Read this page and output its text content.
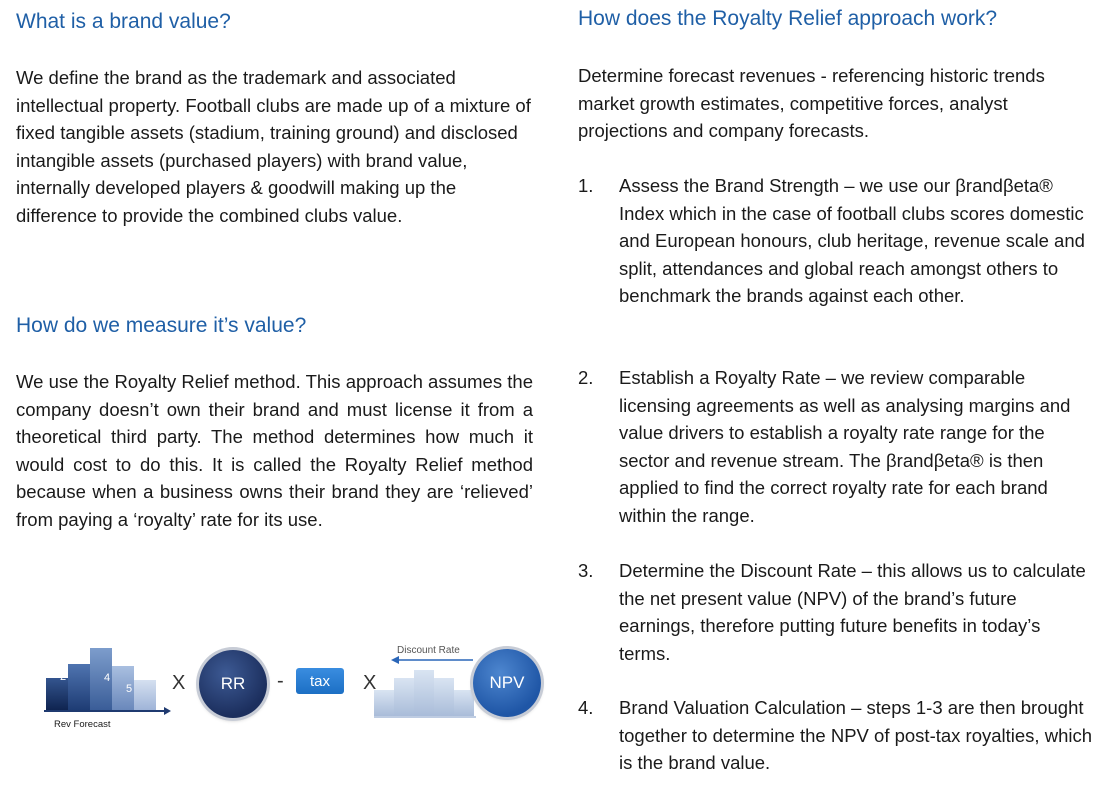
What is a brand value?

We define the brand as the trademark and associated intellectual property. Football clubs are made up of a mixture of fixed tangible assets (stadium, training ground) and disclosed intangible assets (purchased players) with brand value, internally developed players & goodwill making up the difference to provide the combined clubs value.

How do we measure it’s value?

We use the Royalty Relief method. This approach assumes the company doesn’t own their brand and must license it from a theoretical third party. The method determines how much it would cost to do this. It is called the Royalty Relief method because when a business owns their brand they are ‘relieved’ from paying a ‘royalty’ rate for its use.

1
2
3
4
5
Rev Forecast
Discount Rate
X	RR	-	tax	X	NPV
How does the Royalty Relief approach work?

Determine forecast revenues - referencing historic trends market growth estimates, competitive forces, analyst projections and company forecasts.

1.	Assess the Brand Strength – we use our βrandβeta® Index which in the case of football clubs scores domestic and European honours, club heritage, revenue scale and split, attendances and global reach amongst others to benchmark the brands against each other.
2.	Establish a Royalty Rate – we review comparable licensing agreements as well as analysing margins and value drivers to establish a royalty rate range for the sector and revenue stream. The βrandβeta® is then applied to find the correct royalty rate for each brand within the range.
3.	Determine the Discount Rate – this allows us to calculate the net present value (NPV) of the brand’s future earnings, therefore putting future benefits in today’s terms.
4.	Brand Valuation Calculation – steps 1-3 are then brought together to determine the NPV of post-tax royalties, which is the brand value.
